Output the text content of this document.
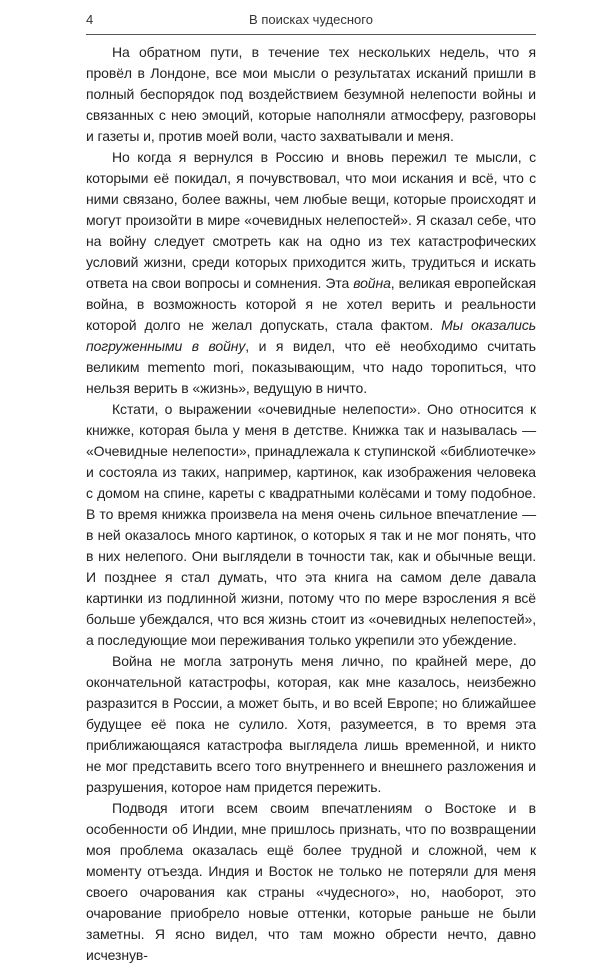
4	В поисках чудесного

На обратном пути, в течение тех нескольких недель, что я провёл в Лондоне, все мои мысли о результатах исканий пришли в полный беспорядок под воздействием безумной нелепости войны и связанных с нею эмоций, которые наполняли атмосферу, разговоры и газеты и, против моей воли, часто захватывали и меня.

Но когда я вернулся в Россию и вновь пережил те мысли, с которыми её покидал, я почувствовал, что мои искания и всё, что с ними связано, более важны, чем любые вещи, которые происходят и могут произойти в мире «очевидных нелепостей». Я сказал себе, что на войну следует смотреть как на одно из тех катастрофических условий жизни, среди которых приходится жить, трудиться и искать ответа на свои вопросы и сомнения. Эта война, великая европейская война, в возможность которой я не хотел верить и реальности которой долго не желал допускать, стала фактом. Мы оказались погруженными в войну, и я видел, что её необходимо считать великим memento mori, показывающим, что надо торопиться, что нельзя верить в «жизнь», ведущую в ничто.

Кстати, о выражении «очевидные нелепости». Оно относится к книжке, которая была у меня в детстве. Книжка так и называлась — «Очевидные нелепости», принадлежала к ступинской «библиотечке» и состояла из таких, например, картинок, как изображения человека с домом на спине, кареты с квадратными колёсами и тому подобное. В то время книжка произвела на меня очень сильное впечатление — в ней оказалось много картинок, о которых я так и не мог понять, что в них нелепого. Они выглядели в точности так, как и обычные вещи. И позднее я стал думать, что эта книга на самом деле давала картинки из подлинной жизни, потому что по мере взросления я всё больше убеждался, что вся жизнь стоит из «очевидных нелепостей», а последующие мои переживания только укрепили это убеждение.

Война не могла затронуть меня лично, по крайней мере, до окончательной катастрофы, которая, как мне казалось, неизбежно разразится в России, а может быть, и во всей Европе; но ближайшее будущее её пока не сулило. Хотя, разумеется, в то время эта приближающаяся катастрофа выглядела лишь временной, и никто не мог представить всего того внутреннего и внешнего разложения и разрушения, которое нам придется пережить.

Подводя итоги всем своим впечатлениям о Востоке и в особенности об Индии, мне пришлось признать, что по возвращении моя проблема оказалась ещё более трудной и сложной, чем к моменту отъезда. Индия и Восток не только не потеряли для меня своего очарования как страны «чудесного», но, наоборот, это очарование приобрело новые оттенки, которые раньше не были заметны. Я ясно видел, что там можно обрести нечто, давно исчезнув-
